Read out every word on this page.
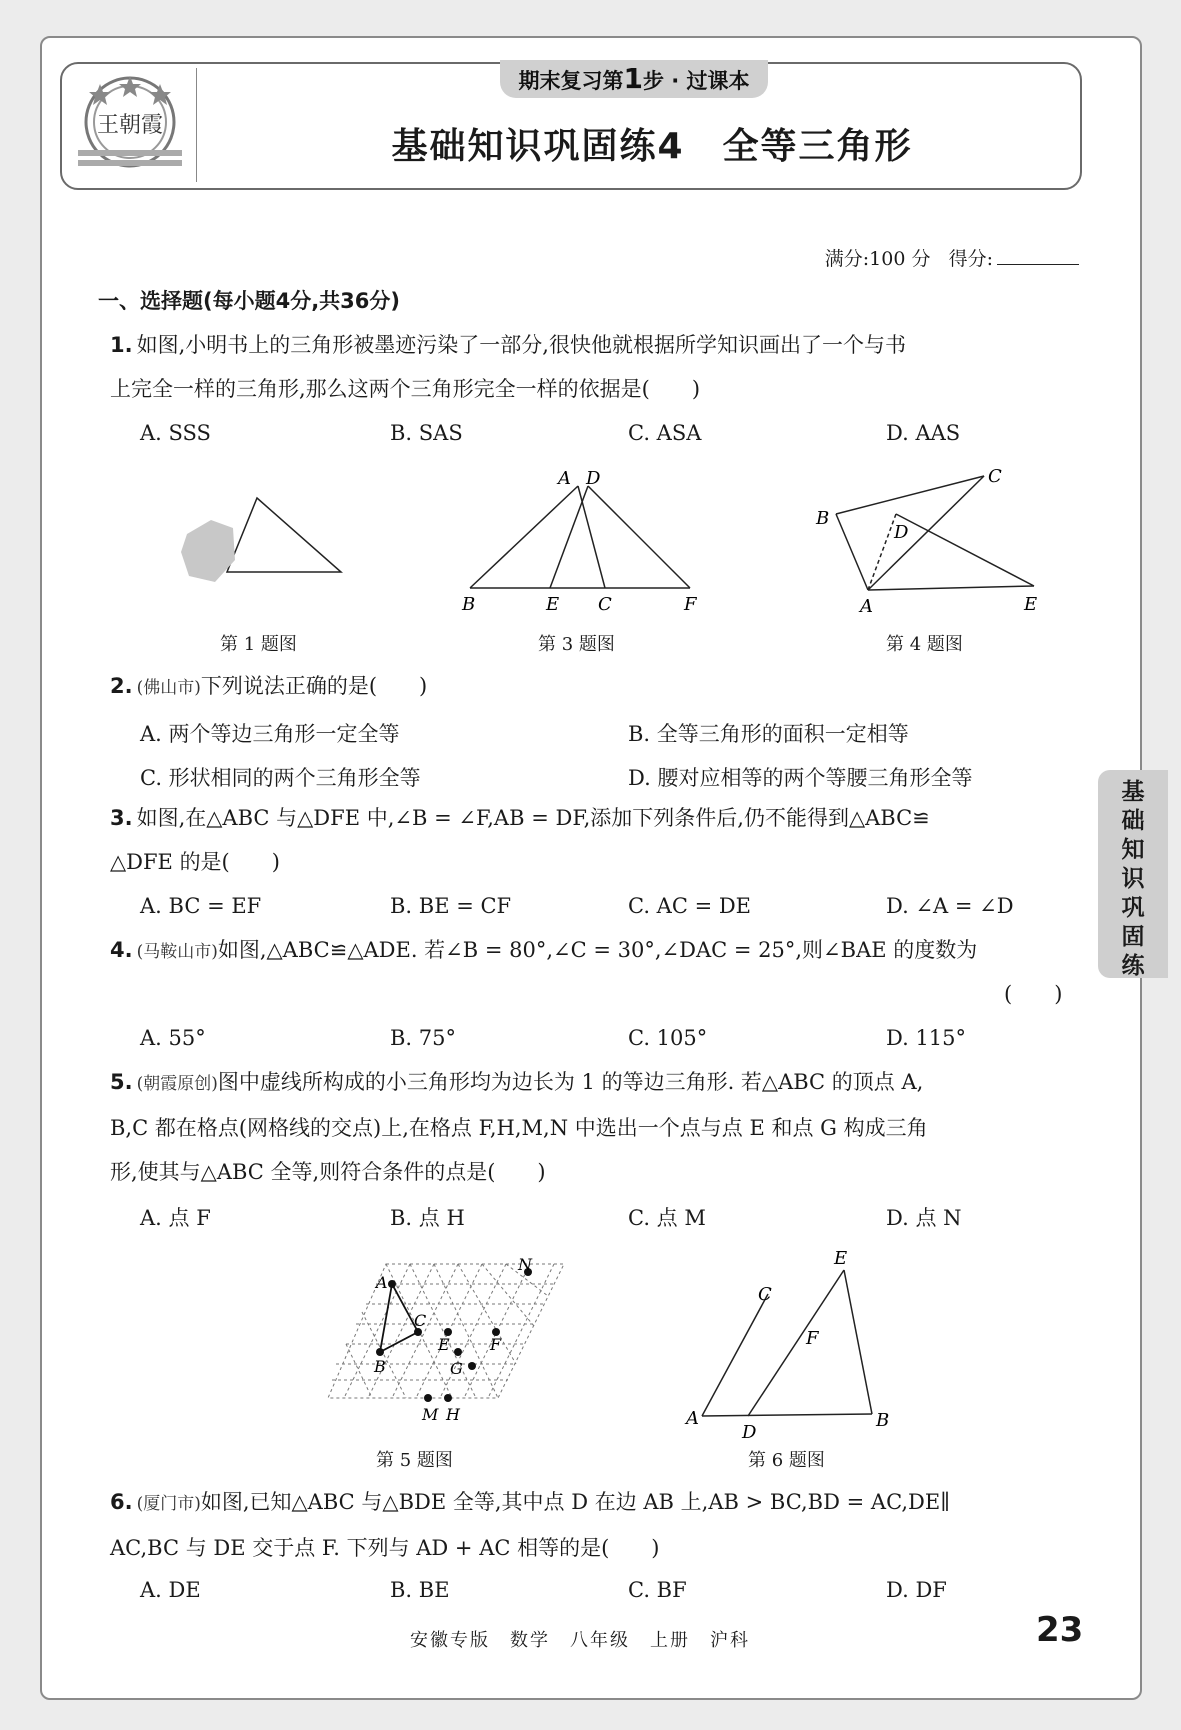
王朝霞
期末复习第1步 · 过课本
基础知识巩固练4　全等三角形
满分:100 分 得分:
一、选择题(每小题4分,共36分)
1. 如图,小明书上的三角形被墨迹污染了一部分,很快他就根据所学知识画出了一个与书
上完全一样的三角形,那么这两个三角形完全一样的依据是(　　)
A. SSS	B. SAS	C. ASA	D. AAS
第 1 题图
A D
B	E C	F
第 3 题图
C
B
D
A	E
第 4 题图
2. (佛山市)下列说法正确的是(　　)
A. 两个等边三角形一定全等	B. 全等三角形的面积一定相等
C. 形状相同的两个三角形全等	D. 腰对应相等的两个等腰三角形全等
3. 如图,在△ABC 与△DFE 中,∠B = ∠F,AB = DF,添加下列条件后,仍不能得到△ABC≌
△DFE 的是(　　)
A. BC = EF	B. BE = CF	C. AC = DE	D. ∠A = ∠D
4. (马鞍山市)如图,△ABC≌△ADE. 若∠B = 80°,∠C = 30°,∠DAC = 25°,则∠BAE 的度数为
(　　)
A. 55°	B. 75°	C. 105°	D. 115°
5. (朝霞原创)图中虚线所构成的小三角形均为边长为 1 的等边三角形. 若△ABC 的顶点 A,
B,C 都在格点(网格线的交点)上,在格点 F,H,M,N 中选出一个点与点 E 和点 G 构成三角
形,使其与△ABC 全等,则符合条件的点是(　　)
A. 点 F	B. 点 H	C. 点 M	D. 点 N
A
N
C
E	F
B	G
M H
第 5 题图
E
C
F
A
D
B
第 6 题图
6. (厦门市)如图,已知△ABC 与△BDE 全等,其中点 D 在边 AB 上,AB > BC,BD = AC,DE∥
AC,BC 与 DE 交于点 F. 下列与 AD + AC 相等的是(　　)
A. DE	B. BE	C. BF	D. DF
基
础
知
识
巩
固
练
安徽专版　数学　八年级　上册　沪科	23
